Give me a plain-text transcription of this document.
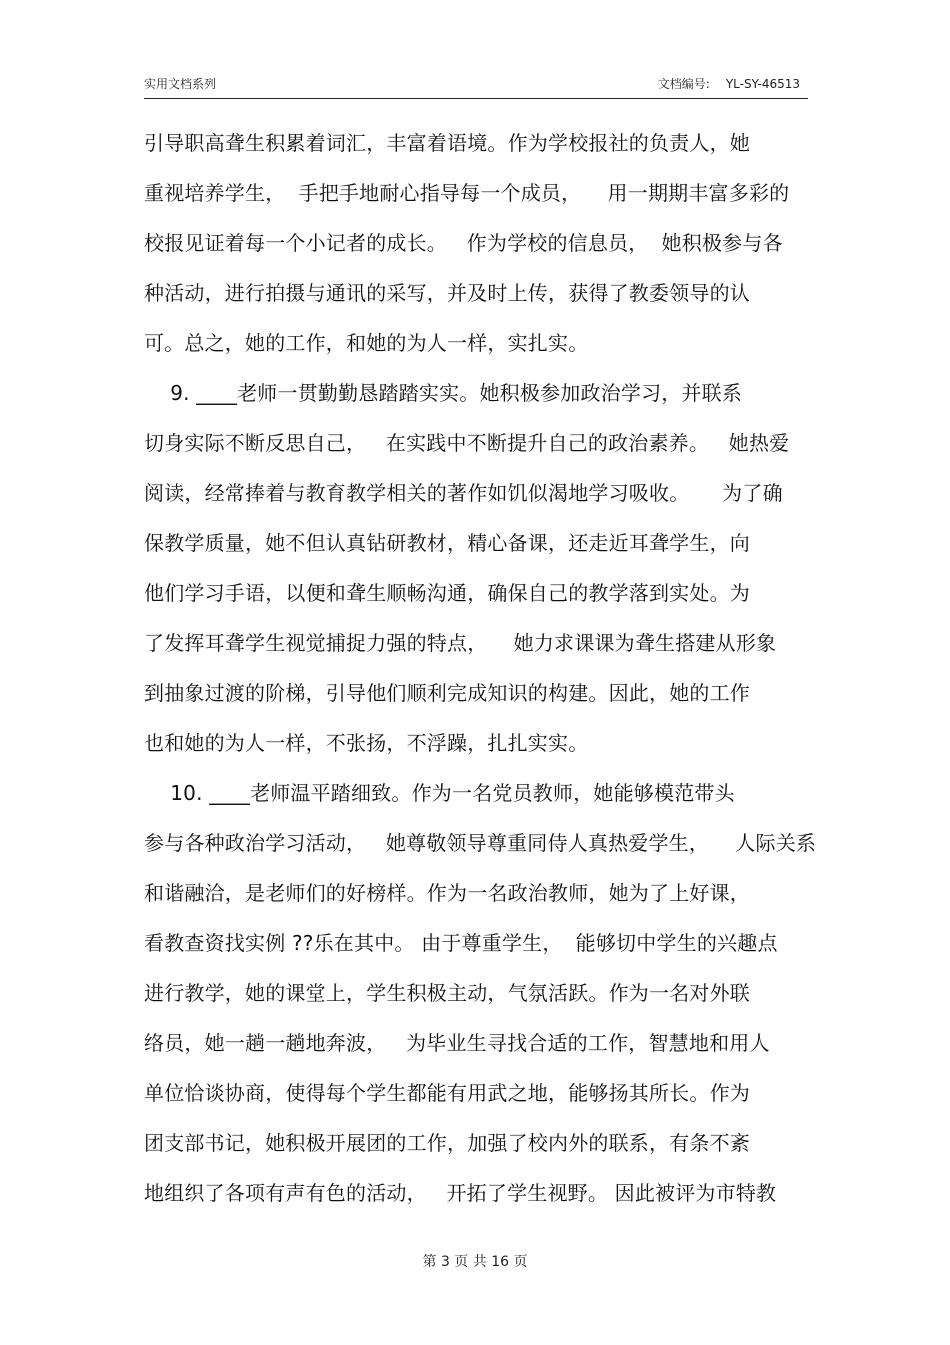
实用文档系列	文档编号: YL-SY-46513
引导职高聋生积累着词汇，丰富着语境。作为学校报社的负责人，她
重视培养学生，  手把手地耐心指导每一个成员，    用一期期丰富多彩的
校报见证着每一个小记者的成长。   作为学校的信息员，  她积极参与各
种活动，进行拍摄与通讯的采写，并及时上传，获得了教委领导的认
可。总之，她的工作，和她的为人一样，实扎实。
9. ____老师一贯勤勤恳踏踏实实。她积极参加政治学习，并联系
切身实际不断反思自己，   在实践中不断提升自己的政治素养。   她热爱
阅读，经常捧着与教育教学相关的著作如饥似渴地学习吸收。     为了确
保教学质量，她不但认真钻研教材，精心备课，还走近耳聋学生，向
他们学习手语，以便和聋生顺畅沟通，确保自己的教学落到实处。为
了发挥耳聋学生视觉捕捉力强的特点，    她力求课课为聋生搭建从形象
到抽象过渡的阶梯，引导他们顺利完成知识的构建。因此，她的工作
也和她的为人一样，不张扬，不浮躁，扎扎实实。
10. ____老师温平踏细致。作为一名党员教师，她能够模范带头
参与各种政治学习活动，   她尊敬领导尊重同侍人真热爱学生，    人际关系
和谐融洽，是老师们的好榜样。作为一名政治教师，她为了上好课，
看教查资找实例 ??乐在其中。 由于尊重学生，  能够切中学生的兴趣点
进行教学，她的课堂上，学生积极主动，气氛活跃。作为一名对外联
络员，她一趟一趟地奔波，   为毕业生寻找合适的工作，智慧地和用人
单位恰谈协商，使得每个学生都能有用武之地，能够扬其所长。作为
团支部书记，她积极开展团的工作，加强了校内外的联系，有条不紊
地组织了各项有声有色的活动，   开拓了学生视野。 因此被评为市特教
第 3 页 共 16 页
